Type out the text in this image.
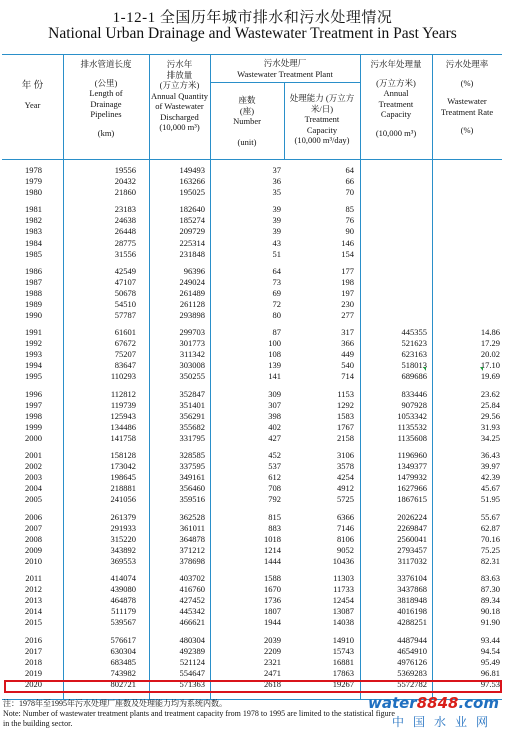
1-12-1 全国历年城市排水和污水处理情况
National Urban Drainage and Wastewater Treatment in Past Years
年 份
Year
排水管道长度
(公里)
Length of Drainage Pipelines
(km)
污水年排放量
(万立方米)
Annual Quantity of Wastewater Discharged
(10,000 m³)
污水处理厂
Wastewater Treatment Plant
座数 (座)
Number
(unit)
处理能力 (万立方米/日)
Treatment Capacity
(10,000 m³/day)
污水年处理量
(万立方米)
Annual Treatment Capacity
(10,000 m³)
污水处理率
(%)
Wastewater Treatment Rate
(%)
1978	19556	149493	37	64
1979	20432	163266	36	66
1980	21860	195025	35	70
1981	23183	182640	39	85
1982	24638	185274	39	76
1983	26448	209729	39	90
1984	28775	225314	43	146
1985	31556	231848	51	154
1986	42549	96396	64	177
1987	47107	249024	73	198
1988	50678	261489	69	197
1989	54510	261128	72	230
1990	57787	293898	80	277
1991	61601	299703	87	317	445355	14.86
1992	67672	301773	100	366	521623	17.29
1993	75207	311342	108	449	623163	20.02
1994	83647	303008	139	540	518013	17.10
1995	110293	350255	141	714	689686	19.69
1996	112812	352847	309	1153	833446	23.62
1997	119739	351401	307	1292	907928	25.84
1998	125943	356291	398	1583	1053342	29.56
1999	134486	355682	402	1767	1135532	31.93
2000	141758	331795	427	2158	1135608	34.25
2001	158128	328585	452	3106	1196960	36.43
2002	173042	337595	537	3578	1349377	39.97
2003	198645	349161	612	4254	1479932	42.39
2004	218881	356460	708	4912	1627966	45.67
2005	241056	359516	792	5725	1867615	51.95
2006	261379	362528	815	6366	2026224	55.67
2007	291933	361011	883	7146	2269847	62.87
2008	315220	364878	1018	8106	2560041	70.16
2009	343892	371212	1214	9052	2793457	75.25
2010	369553	378698	1444	10436	3117032	82.31
2011	414074	403702	1588	11303	3376104	83.63
2012	439080	416760	1670	11733	3437868	87.30
2013	464878	427452	1736	12454	3818948	89.34
2014	511179	445342	1807	13087	4016198	90.18
2015	539567	466621	1944	14038	4288251	91.90
2016	576617	480304	2039	14910	4487944	93.44
2017	630304	492389	2209	15743	4654910	94.54
2018	683485	521124	2321	16881	4976126	95.49
2019	743982	554647	2471	17863	5369283	96.81
2020	802721	571363	2618	19267	5572782	97.53
注：1978年至1995年污水处理厂座数及处理能力均为系统内数。
Note: Number of wastewater treatment plants and treatment capacity from 1978 to 1995 are limited to the statistical figure in the building sector.
water8848.com
中国水业网
